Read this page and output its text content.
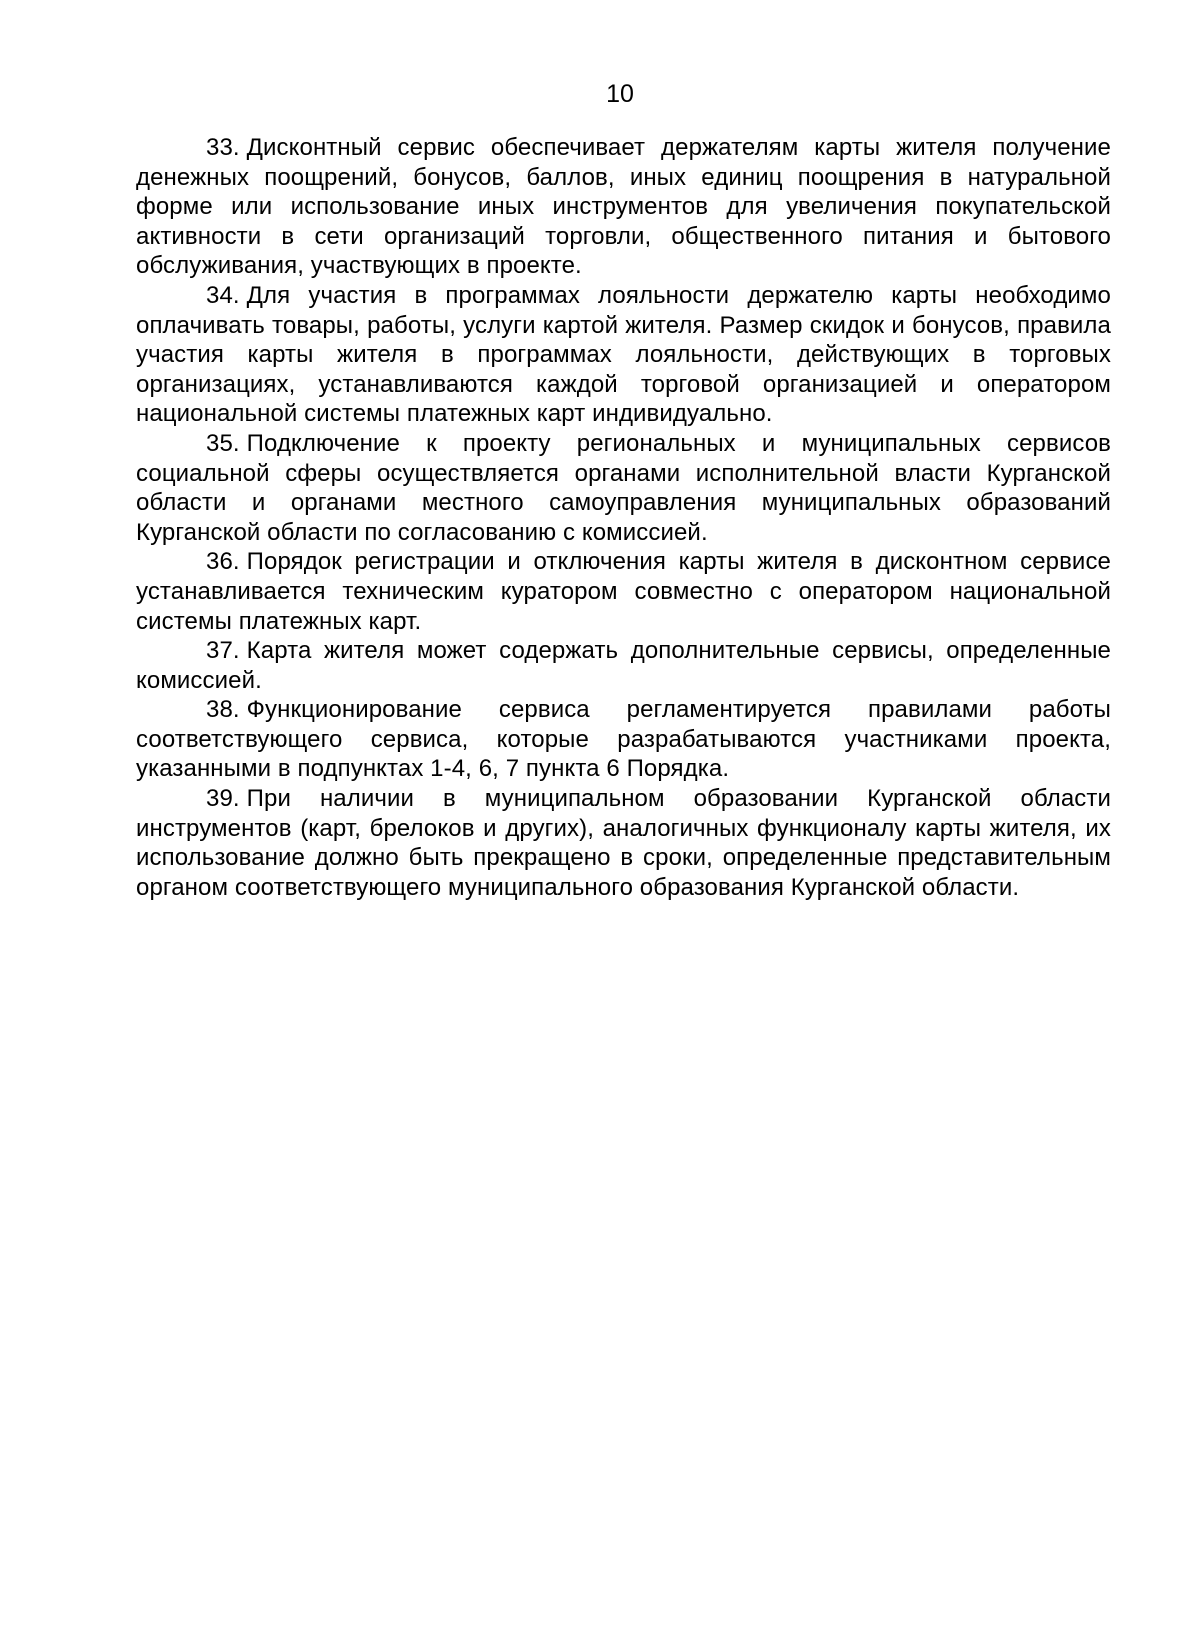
10

33. Дисконтный сервис обеспечивает держателям карты жителя получение денежных поощрений, бонусов, баллов, иных единиц поощрения в натуральной форме или использование иных инструментов для увеличения покупательской активности в сети организаций торговли, общественного питания и бытового обслуживания, участвующих в проекте.

34. Для участия в программах лояльности держателю карты необходимо оплачивать товары, работы, услуги картой жителя. Размер скидок и бонусов, правила участия карты жителя в программах лояльности, действующих в торговых организациях, устанавливаются каждой торговой организацией и оператором национальной системы платежных карт индивидуально.

35. Подключение к проекту региональных и муниципальных сервисов социальной сферы осуществляется органами исполнительной власти Курганской области и органами местного самоуправления муниципальных образований Курганской области по согласованию с комиссией.

36. Порядок регистрации и отключения карты жителя в дисконтном сервисе устанавливается техническим куратором совместно с оператором национальной системы платежных карт.

37. Карта жителя может содержать дополнительные сервисы, определенные комиссией.

38. Функционирование сервиса регламентируется правилами работы соответствующего сервиса, которые разрабатываются участниками проекта, указанными в подпунктах 1-4, 6, 7 пункта 6 Порядка.

39. При наличии в муниципальном образовании Курганской области инструментов (карт, брелоков и других), аналогичных функционалу карты жителя, их использование должно быть прекращено в сроки, определенные представительным органом соответствующего муниципального образования Курганской области.
